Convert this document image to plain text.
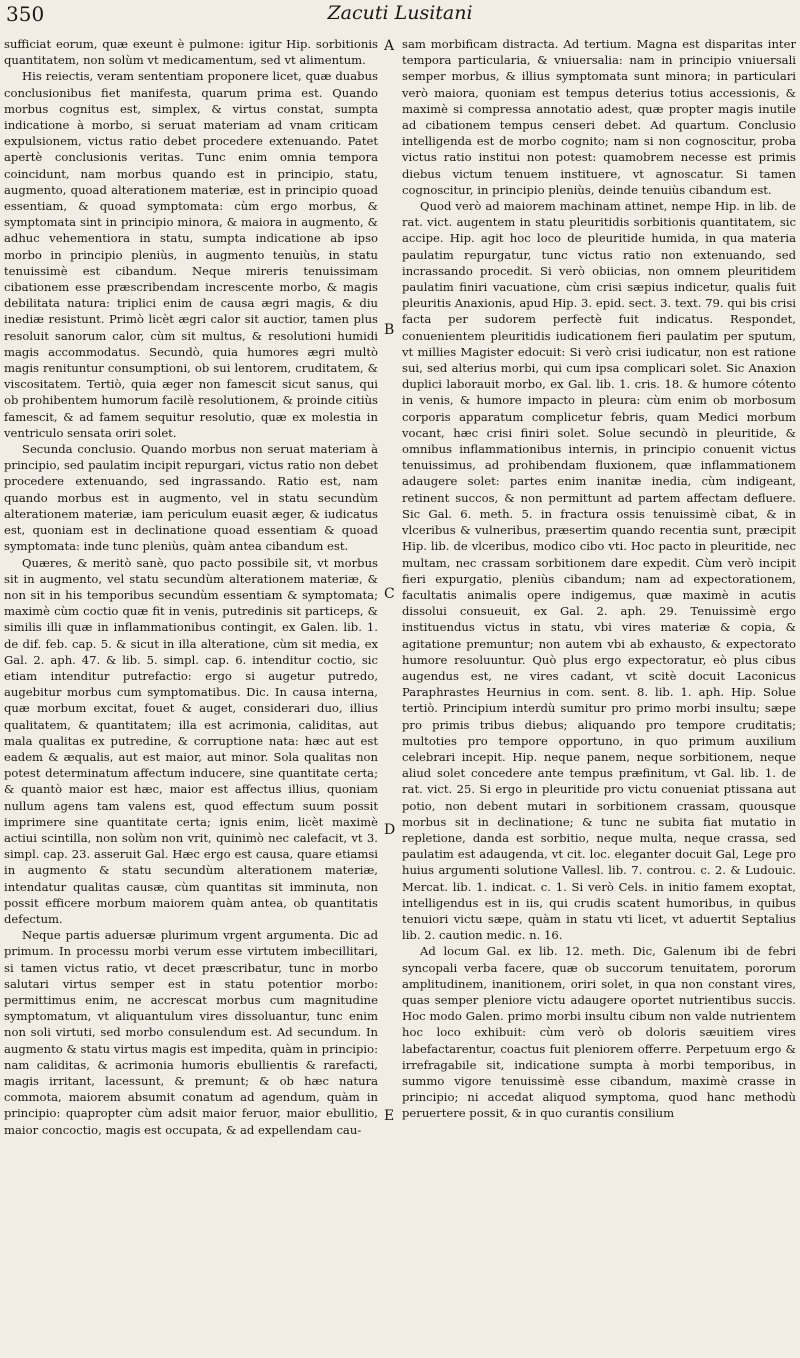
350	Zacuti Lusitani
A
B
C
D
E

sufficiat eorum, quæ exeunt è pulmone: igitur Hip. sorbitionis quantitatem, non solùm vt medicamentum, sed vt alimentum.

His reiectis, veram sententiam proponere licet, quæ duabus conclusionibus fiet manifesta, quarum prima est. Quando morbus cognitus est, simplex, & virtus constat, sumpta indicatione à morbo, si seruat materiam ad vnam criticam expulsionem, victus ratio debet procedere extenuando. Patet apertè conclusionis veritas. Tunc enim omnia tempora coincidunt, nam morbus quando est in principio, statu, augmento, quoad alterationem materiæ, est in principio quoad essentiam, & quoad symptomata: cùm ergo morbus, & symptomata sint in principio minora, & maiora in augmento, & adhuc vehementiora in statu, sumpta indicatione ab ipso morbo in principio pleniùs, in augmento tenuiùs, in statu tenuissimè est cibandum. Neque mireris tenuissimam cibationem esse præscribendam increscente morbo, & magis debilitata natura: triplici enim de causa ægri magis, & diu inediæ resistunt. Primò licèt ægri calor sit auctior, tamen plus resoluit sanorum calor, cùm sit multus, & resolutioni humidi magis accommodatus. Secundò, quia humores ægri multò magis renituntur consumptioni, ob sui lentorem, cruditatem, & viscositatem. Tertiò, quia æger non famescit sicut sanus, qui ob prohibentem humorum facilè resolutionem, & proinde citiùs famescit, & ad famem sequitur resolutio, quæ ex molestia in ventriculo sensata oriri solet.

Secunda conclusio. Quando morbus non seruat materiam à principio, sed paulatim incipit repurgari, victus ratio non debet procedere extenuando, sed ingrassando. Ratio est, nam quando morbus est in augmento, vel in statu secundùm alterationem materiæ, iam periculum euasit æger, & iudicatus est, quoniam est in declinatione quoad essentiam & quoad symptomata: inde tunc pleniùs, quàm antea cibandum est.

Quæres, & meritò sanè, quo pacto possibile sit, vt morbus sit in augmento, vel statu secundùm alterationem materiæ, & non sit in his temporibus secundùm essentiam & symptomata; maximè cùm coctio quæ fit in venis, putredinis sit particeps, & similis illi quæ in inflammationibus contingit, ex Galen. lib. 1. de dif. feb. cap. 5. & sicut in illa alteratione, cùm sit media, ex Gal. 2. aph. 47. & lib. 5. simpl. cap. 6. intenditur coctio, sic etiam intenditur putrefactio: ergo si augetur putredo, augebitur morbus cum symptomatibus. Dic. In causa interna, quæ morbum excitat, fouet & auget, considerari duo, illius qualitatem, & quantitatem; illa est acrimonia, caliditas, aut mala qualitas ex putredine, & corruptione nata: hæc aut est eadem & æqualis, aut est maior, aut minor. Sola qualitas non potest determinatum affectum inducere, sine quantitate certa; & quantò maior est hæc, maior est affectus illius, quoniam nullum agens tam valens est, quod effectum suum possit imprimere sine quantitate certa; ignis enim, licèt maximè actiui scintilla, non solùm non vrit, quinimò nec calefacit, vt 3. simpl. cap. 23. asseruit Gal. Hæc ergo est causa, quare etiamsi in augmento & statu secundùm alterationem materiæ, intendatur qualitas causæ, cùm quantitas sit imminuta, non possit efficere morbum maiorem quàm antea, ob quantitatis defectum.

Neque partis aduersæ plurimum vrgent argumenta. Dic ad primum. In processu morbi verum esse virtutem imbecillitari, si tamen victus ratio, vt decet præscribatur, tunc in morbo salutari virtus semper est in statu potentior morbo: permittimus enim, ne accrescat morbus cum magnitudine symptomatum, vt aliquantulum vires dissoluantur, tunc enim non soli virtuti, sed morbo consulendum est. Ad secundum. In augmento & statu virtus magis est impedita, quàm in principio: nam caliditas, & acrimonia humoris ebullientis & rarefacti, magis irritant, lacessunt, & premunt; & ob hæc natura commota, maiorem absumit conatum ad agendum, quàm in principio: quapropter cùm adsit maior feruor, maior ebullitio, maior concoctio, magis est occupata, & ad expellendam cau-

sam morbificam distracta. Ad tertium. Magna est disparitas inter tempora particularia, & vniuersalia: nam in principio vniuersali semper morbus, & illius symptomata sunt minora; in particulari verò maiora, quoniam est tempus deterius totius accessionis, & maximè si compressa annotatio adest, quæ propter magis inutile ad cibationem tempus censeri debet. Ad quartum. Conclusio intelligenda est de morbo cognito; nam si non cognoscitur, proba victus ratio institui non potest: quamobrem necesse est primis diebus victum tenuem instituere, vt agnoscatur. Si tamen cognoscitur, in principio pleniùs, deinde tenuiùs cibandum est.

Quod verò ad maiorem machinam attinet, nempe Hip. in lib. de rat. vict. augentem in statu pleuritidis sorbitionis quantitatem, sic accipe. Hip. agit hoc loco de pleuritide humida, in qua materia paulatim repurgatur, tunc victus ratio non extenuando, sed incrassando procedit. Si verò obiicias, non omnem pleuritidem paulatim finiri vacuatione, cùm crisi sæpius indicetur, qualis fuit pleuritis Anaxionis, apud Hip. 3. epid. sect. 3. text. 79. qui bis crisi facta per sudorem perfectè fuit indicatus. Respondet, conuenientem pleuritidis iudicationem fieri paulatim per sputum, vt millies Magister edocuit: Si verò crisi iudicatur, non est ratione sui, sed alterius morbi, qui cum ipsa complicari solet. Sic Anaxion duplici laborauit morbo, ex Gal. lib. 1. cris. 18. & humore cótento in venis, & humore impacto in pleura: cùm enim ob morbosum corporis apparatum complicetur febris, quam Medici morbum vocant, hæc crisi finiri solet. Solue secundò in pleuritide, & omnibus inflammationibus internis, in principio conuenit victus tenuissimus, ad prohibendam fluxionem, quæ inflammationem adaugere solet: partes enim inanitæ inedia, cùm indigeant, retinent succos, & non permittunt ad partem affectam defluere. Sic Gal. 6. meth. 5. in fractura ossis tenuissimè cibat, & in vlceribus & vulneribus, præsertim quando recentia sunt, præcipit Hip. lib. de vlceribus, modico cibo vti. Hoc pacto in pleuritide, nec multam, nec crassam sorbitionem dare expedit. Cùm verò incipit fieri expurgatio, pleniùs cibandum; nam ad expectorationem, facultatis animalis opere indigemus, quæ maximè in acutis dissolui consueuit, ex Gal. 2. aph. 29. Tenuissimè ergo instituendus victus in statu, vbi vires materiæ & copia, & agitatione premuntur; non autem vbi ab exhausto, & expectorato humore resoluuntur. Quò plus ergo expectoratur, eò plus cibus augendus est, ne vires cadant, vt scitè docuit Laconicus Paraphrastes Heurnius in com. sent. 8. lib. 1. aph. Hip. Solue tertiò. Principium interdù sumitur pro primo morbi insultu; sæpe pro primis tribus diebus; aliquando pro tempore cruditatis; multoties pro tempore opportuno, in quo primum auxilium celebrari incepit. Hip. neque panem, neque sorbitionem, neque aliud solet concedere ante tempus præfinitum, vt Gal. lib. 1. de rat. vict. 25. Si ergo in pleuritide pro victu conueniat ptissana aut potio, non debent mutari in sorbitionem crassam, quousque morbus sit in declinatione; & tunc ne subita fiat mutatio in repletione, danda est sorbitio, neque multa, neque crassa, sed paulatim est adaugenda, vt cit. loc. eleganter docuit Gal, Lege pro huius argumenti solutione Vallesl. lib. 7. controu. c. 2. & Ludouic. Mercat. lib. 1. indicat. c. 1. Si verò Cels. in initio famem exoptat, intelligendus est in iis, qui crudis scatent humoribus, in quibus tenuiori victu sæpe, quàm in statu vti licet, vt aduertit Septalius lib. 2. caution medic. n. 16.

Ad locum Gal. ex lib. 12. meth. Dic, Galenum ibi de febri syncopali verba facere, quæ ob succorum tenuitatem, pororum amplitudinem, inanitionem, oriri solet, in qua non constant vires, quas semper pleniore victu adaugere oportet nutrientibus succis. Hoc modo Galen. primo morbi insultu cibum non valde nutrientem hoc loco exhibuit: cùm verò ob doloris sæuitiem vires labefactarentur, coactus fuit pleniorem offerre. Perpetuum ergo & irrefragabile sit, indicatione sumpta à morbi temporibus, in summo vigore tenuissimè esse cibandum, maximè crasse in principio; ni accedat aliquod symptoma, quod hanc methodù peruertere possit, & in quo curantis consilium
